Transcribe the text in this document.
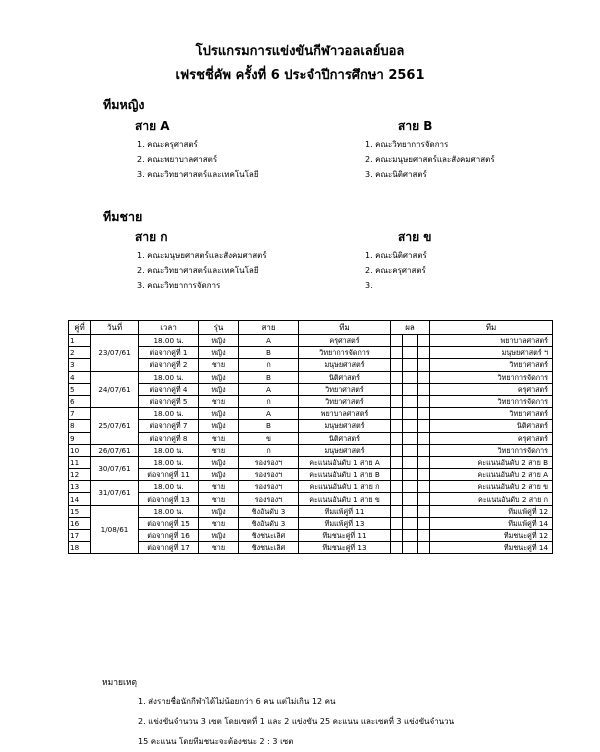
โปรแกรมการแข่งขันกีฬาวอลเลย์บอล
เฟรชชี่คัพ ครั้งที่ 6 ประจำปีการศึกษา 2561
ทีมหญิง
สาย A	สาย B
1. คณะครุศาสตร์
2. คณะพยาบาลศาสตร์
3. คณะวิทยาศาสตร์และเทคโนโลยี
1. คณะวิทยาการจัดการ
2. คณะมนุษยศาสตร์และสังคมศาสตร์
3. คณะนิติศาสตร์
ทีมชาย
สาย ก	สาย ข
1. คณะมนุษยศาสตร์และสังคมศาสตร์
2. คณะวิทยาศาสตร์และเทคโนโลยี
3. คณะวิทยาการจัดการ
1. คณะนิติศาสตร์
2. คณะครุศาสตร์
3.
คู่ที่	วันที่	เวลา	รุ่น	สาย	ทีม	ผล			ทีม
1	23/07/61	18.00 น.	หญิง	A	ครุศาสตร์				พยาบาลศาสตร์
2		ต่อจากคู่ที่ 1	หญิง	B	วิทยาการจัดการ				มนุษยศาสตร์ ฯ
3		ต่อจากคู่ที่ 2	ชาย	ก	มนุษยศาสตร์				วิทยาศาสตร์
4	24/07/61	18.00 น.	หญิง	B	นิติศาสตร์				วิทยาการจัดการ
5		ต่อจากคู่ที่ 4	หญิง	A	วิทยาศาสตร์				ครุศาสตร์
6		ต่อจากคู่ที่ 5	ชาย	ก	วิทยาศาสตร์				วิทยาการจัดการ
7	25/07/61	18.00 น.	หญิง	A	พยาบาลศาสตร์				วิทยาศาสตร์
8		ต่อจากคู่ที่ 7	หญิง	B	มนุษยศาสตร์				นิติศาสตร์
9		ต่อจากคู่ที่ 8	ชาย	ข	นิติศาสตร์				ครุศาสตร์
10	26/07/61	18.00 น.	ชาย	ก	มนุษยศาสตร์				วิทยาการจัดการ
11	30/07/61	18.00 น.	หญิง	รองรองฯ	คะแนนอันดับ 1 สาย A				คะแนนอันดับ 2 สาย B
12		ต่อจากคู่ที่ 11	หญิง	รองรองฯ	คะแนนอันดับ 1 สาย B				คะแนนอันดับ 2 สาย A
13	31/07/61	18.00 น.	ชาย	รองรองฯ	คะแนนอันดับ 1 สาย ก				คะแนนอันดับ 2 สาย ข
14		ต่อจากคู่ที่ 13	ชาย	รองรองฯ	คะแนนอันดับ 1 สาย ข				คะแนนอันดับ 2 สาย ก
15	1/08/61	18.00 น.	หญิง	ชิงอันดับ 3	ทีมแพ้คู่ที่ 11				ทีมแพ้คู่ที่ 12
16		ต่อจากคู่ที่ 15	ชาย	ชิงอันดับ 3	ทีมแพ้คู่ที่ 13				ทีมแพ้คู่ที่ 14
17		ต่อจากคู่ที่ 16	หญิง	ชิงชนะเลิศ	ทีมชนะคู่ที่ 11				ทีมชนะคู่ที่ 12
18		ต่อจากคู่ที่ 17	ชาย	ชิงชนะเลิศ	ทีมชนะคู่ที่ 13				ทีมชนะคู่ที่ 14
หมายเหตุ
1. ส่งรายชื่อนักกีฬาได้ไม่น้อยกว่า 6 คน แต่ไม่เกิน 12 คน
2. แข่งขันจำนวน 3 เซต โดยเซตที่ 1 และ 2 แข่งขัน 25 คะแนน และเซตที่ 3 แข่งขันจำนวน
15 คะแนน โดยทีมชนะจะต้องชนะ 2 : 3 เซต
